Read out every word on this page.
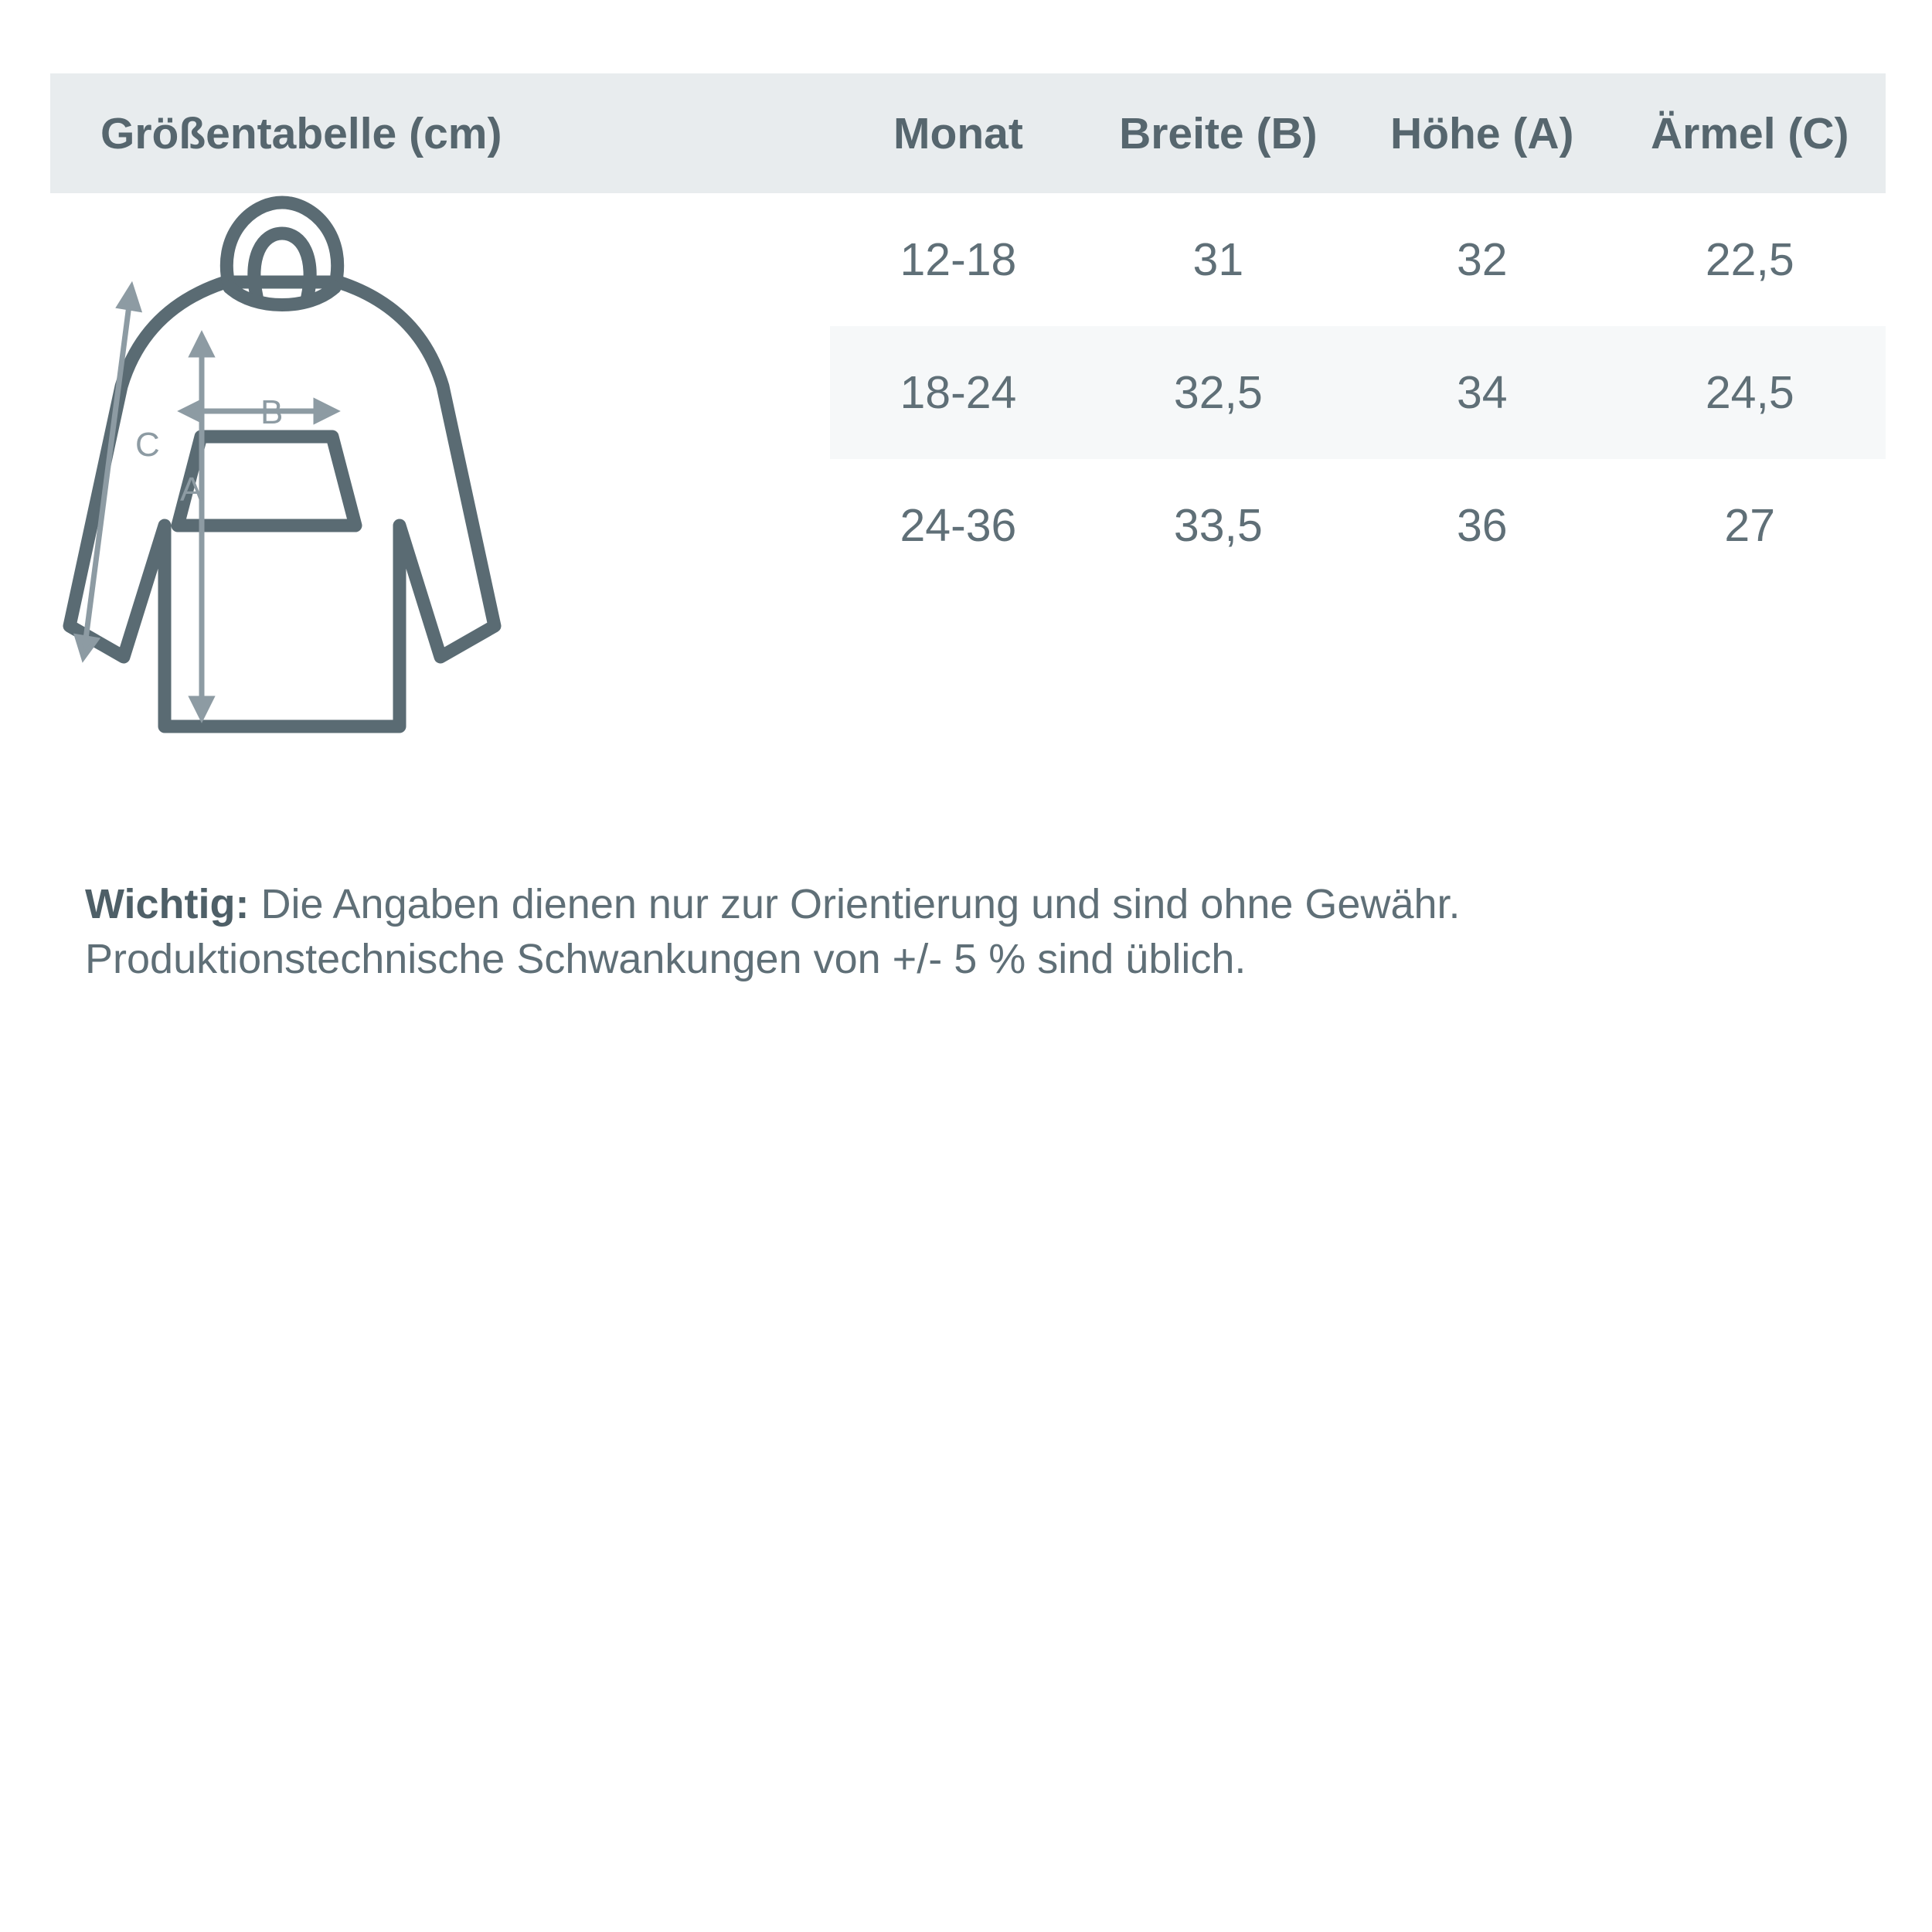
Größentabelle (cm)	Monat	Breite (B)	Höhe (A)	Ärmel (C)
	12-18	31	32	22,5
	18-24	32,5	34	24,5
	24-36	33,5	36	27
B
A
C
Wichtig: Die Angaben dienen nur zur Orientierung und sind ohne Gewähr.
Produktionstechnische Schwankungen von +/- 5 % sind üblich.
